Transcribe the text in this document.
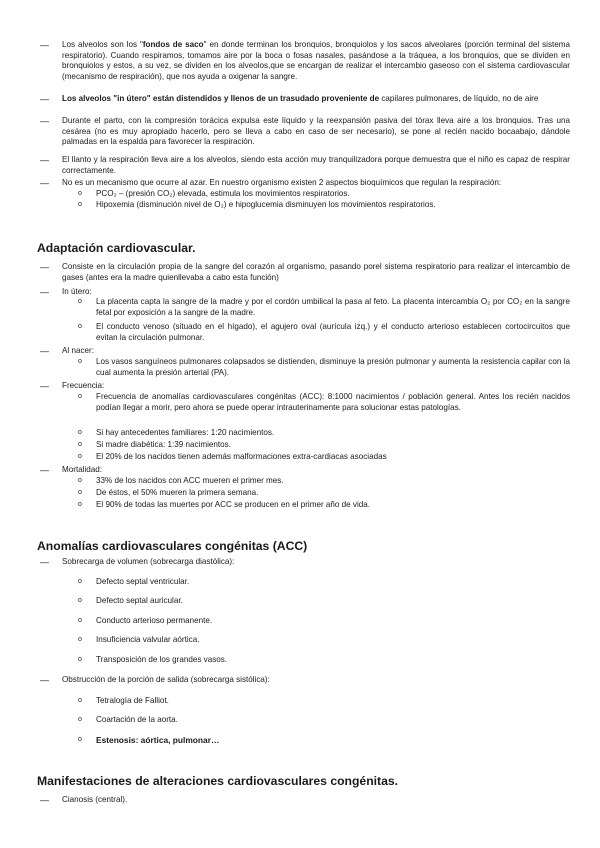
—	Los alveolos son los "fondos de saco" en donde terminan los bronquios, bronquiolos y los sacos alveolares (porción terminal del sistema respiratorio). Cuando respiramos, tomamos aire por la boca o fosas nasales, pasándose a la tráquea, a los bronquios, que se dividen en bronquiolos y estos, a su vez, se dividen en los alveolos,que se encargan de realizar el intercambio gaseoso con el sistema cardiovascular (mecanismo de respiración), que nos ayuda a oxigenar la sangre.
—	Los alveolos "in útero" están distendidos y llenos de un trasudado proveniente de capilares pulmonares, de líquido, no de aire
—	Durante el parto, con la compresión torácica expulsa este líquido y la reexpansión pasiva del tórax lleva aire a los bronquios. Tras una cesárea (no es muy apropiado hacerlo, pero se lleva a cabo en caso de ser necesario), se pone al recién nacido bocaabajo, dándole palmadas en la espalda para favorecer la respiración.
—	El llanto y la respiración lleva aire a los alveolos, siendo esta acción muy tranquilizadora porque demuestra que el niño es capaz de respirar correctamente.
—	No es un mecanismo que ocurre al azar. En nuestro organismo existen 2 aspectos bioquímicos que regulan la respiración:
o PCO₂ – (presión CO₂) elevada, estimula los movimientos respiratorios.
o Hipoxemia (disminución nivel de O₂) e hipoglucemia disminuyen los movimientos respiratorios.
Adaptación cardiovascular.
—	Consiste en la circulación propia de la sangre del corazón al organismo, pasando porel sistema respiratorio para realizar el intercambio de gases (antes era la madre quienllevaba a cabo esta función)
—	In útero:
o La placenta capta la sangre de la madre y por el cordón umbilical la pasa al feto. La placenta intercambia O₂ por CO₂ en la sangre fetal por exposición a la sangre de la madre.
o El conducto venoso (situado en el hígado), el agujero oval (aurícula izq.) y el conducto arterioso establecen cortocircuitos que evitan la circulación pulmonar.
—	Al nacer:
o Los vasos sanguíneos pulmonares colapsados se distienden, disminuye la presión pulmonar y aumenta la resistencia capilar con la cual aumenta la presión arterial (PA).
—	Frecuencia:
o Frecuencia de anomalías cardiovasculares congénitas (ACC): 8:1000 nacimientos / población general. Antes los recién nacidos podían llegar a morir, pero ahora se puede operar intrauterinamente para solucionar estas patologías.
o Si hay antecedentes familiares: 1:20 nacimientos.
o Si madre diabética: 1:39 nacimientos.
o El 20% de los nacidos tienen además malformaciones extra-cardiacas asociadas
—	Mortalidad:
o 33% de los nacidos con ACC mueren el primer mes.
o De éstos, el 50% mueren la primera semana.
o El 90% de todas las muertes por ACC se producen en el primer año de vida.
Anomalías cardiovasculares congénitas (ACC)
—	Sobrecarga de volumen (sobrecarga diastólica):
o Defecto septal ventricular.
o Defecto septal auricular.
o Conducto arterioso permanente.
o Insuficiencia valvular aórtica.
o Transposición de los grandes vasos.
—	Obstrucción de la porción de salida (sobrecarga sistólica):
o Tetralogía de Falliot.
o Coartación de la aorta.
o Estenosis: aórtica, pulmonar…
Manifestaciones de alteraciones cardiovasculares congénitas.
—	Cianosis (central).
